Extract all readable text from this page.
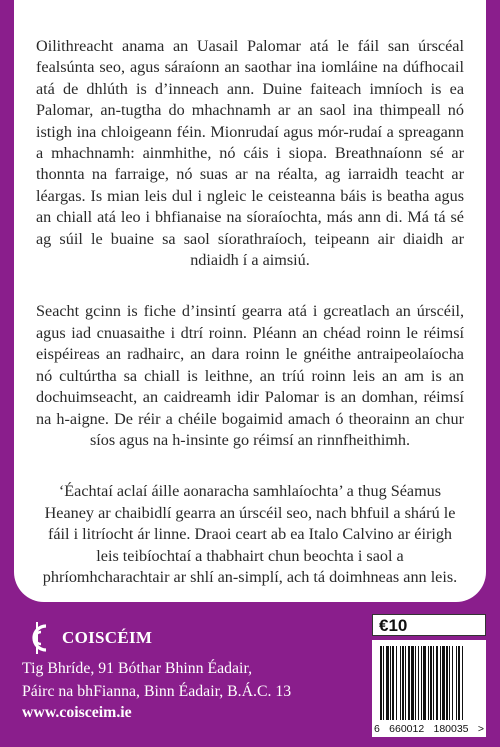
Oilithreacht anama an Uasail Palomar atá le fáil san úrscéal fealsúnta seo, agus sáraíonn an saothar ina iomláine na dúfhocail atá de dhlúth is d’inneach ann. Duine faiteach imníoch is ea Palomar, an-tugtha do mhachnamh ar an saol ina thimpeall nó istigh ina chloigeann féin. Mionrudaí agus mór-rudaí a spreagann a mhachnamh: ainmhithe, nó cáis i siopa. Breathnaíonn sé ar thonnta na farraige, nó suas ar na réalta, ag iarraidh teacht ar léargas. Is mian leis dul i ngleic le ceisteanna báis is beatha agus an chiall atá leo i bhfianaise na síoraíochta, más ann di. Má tá sé ag súil le buaine sa saol síorathraíoch, teipeann air diaidh ar ndiaidh í a aimsiú.

Seacht gcinn is fiche d’insintí gearra atá i gcreatlach an úrscéil, agus iad cnuasaithe i dtrí roinn. Pléann an chéad roinn le réimsí eispéireas an radhairc, an dara roinn le gnéithe antraipeolaíocha nó cultúrtha sa chiall is leithne, an tríú roinn leis an am is an dochuimseacht, an caidreamh idir Palomar is an domhan, réimsí na h-aigne. De réir a chéile bogaimid amach ó theorainn an chur síos agus na h-insinte go réimsí an rinnfheithimh.

‘Éachtaí aclaí áille aonaracha samhlaíochta’ a thug Séamus Heaney ar chaibidlí gearra an úrscéil seo, nach bhfuil a shárú le fáil i litríocht ár linne. Draoi ceart ab ea Italo Calvino ar éirigh leis teibíochtaí a thabhairt chun beochta i saol a phríomhcharachtair ar shlí an-simplí, ach tá doimhneas ann leis.

COISCÉIM
Tig Bhríde, 91 Bóthar Bhinn Éadair,
Páirc na bhFianna, Binn Éadair, B.Á.C. 13
www.coisceim.ie
€10
6 660012 180035 >
